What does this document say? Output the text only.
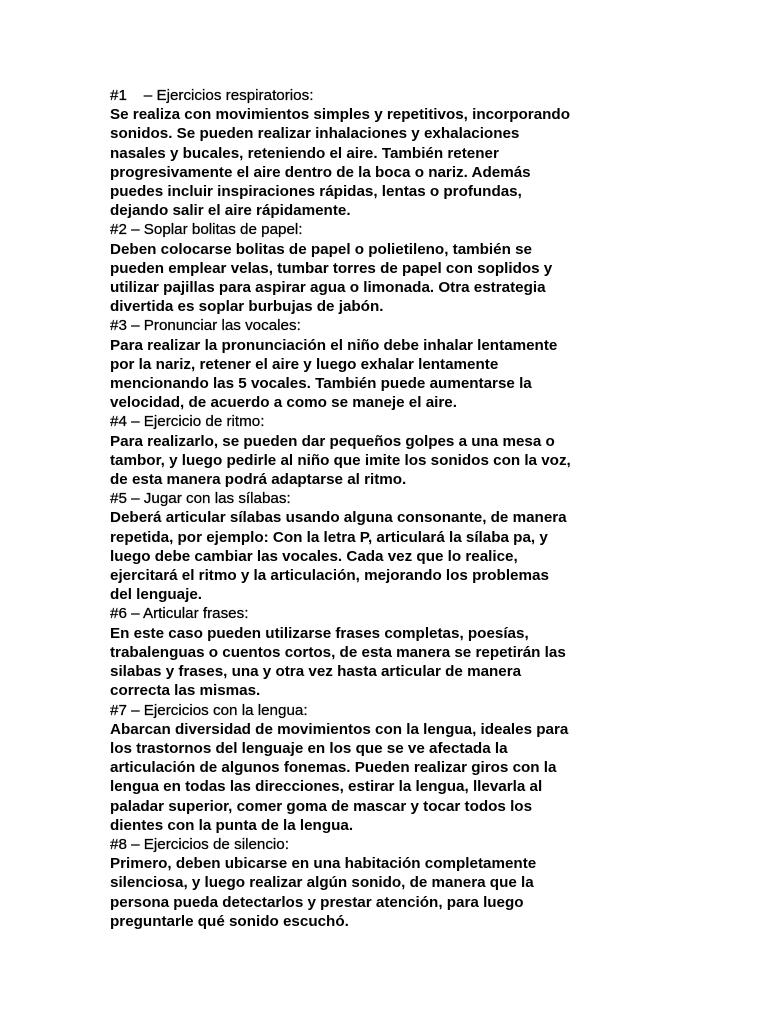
#1    – Ejercicios respiratorios:
Se realiza con movimientos simples y repetitivos, incorporando
sonidos. Se pueden realizar inhalaciones y exhalaciones
nasales y bucales, reteniendo el aire. También retener
progresivamente el aire dentro de la boca o nariz. Además
puedes incluir inspiraciones rápidas, lentas o profundas,
dejando salir el aire rápidamente.
#2 – Soplar bolitas de papel:
Deben colocarse bolitas de papel o polietileno, también se
pueden emplear velas, tumbar torres de papel con soplidos y
utilizar pajillas para aspirar agua o limonada. Otra estrategia
divertida es soplar burbujas de jabón.
#3 – Pronunciar las vocales:
Para realizar la pronunciación el niño debe inhalar lentamente
por la nariz, retener el aire y luego exhalar lentamente
mencionando las 5 vocales. También puede aumentarse la
velocidad, de acuerdo a como se maneje el aire.
#4 – Ejercicio de ritmo:
Para realizarlo, se pueden dar pequeños golpes a una mesa o
tambor, y luego pedirle al niño que imite los sonidos con la voz,
de esta manera podrá adaptarse al ritmo.
#5 – Jugar con las sílabas:
Deberá articular sílabas usando alguna consonante, de manera
repetida, por ejemplo: Con la letra P, articulará la sílaba pa, y
luego debe cambiar las vocales. Cada vez que lo realice,
ejercitará el ritmo y la articulación, mejorando los problemas
del lenguaje.
#6 – Articular frases:
En este caso pueden utilizarse frases completas, poesías,
trabalenguas o cuentos cortos, de esta manera se repetirán las
silabas y frases, una y otra vez hasta articular de manera
correcta las mismas.
#7 – Ejercicios con la lengua:
Abarcan diversidad de movimientos con la lengua, ideales para
los trastornos del lenguaje en los que se ve afectada la
articulación de algunos fonemas. Pueden realizar giros con la
lengua en todas las direcciones, estirar la lengua, llevarla al
paladar superior, comer goma de mascar y tocar todos los
dientes con la punta de la lengua.
#8 – Ejercicios de silencio:
Primero, deben ubicarse en una habitación completamente
silenciosa, y luego realizar algún sonido, de manera que la
persona pueda detectarlos y prestar atención, para luego
preguntarle qué sonido escuchó.
